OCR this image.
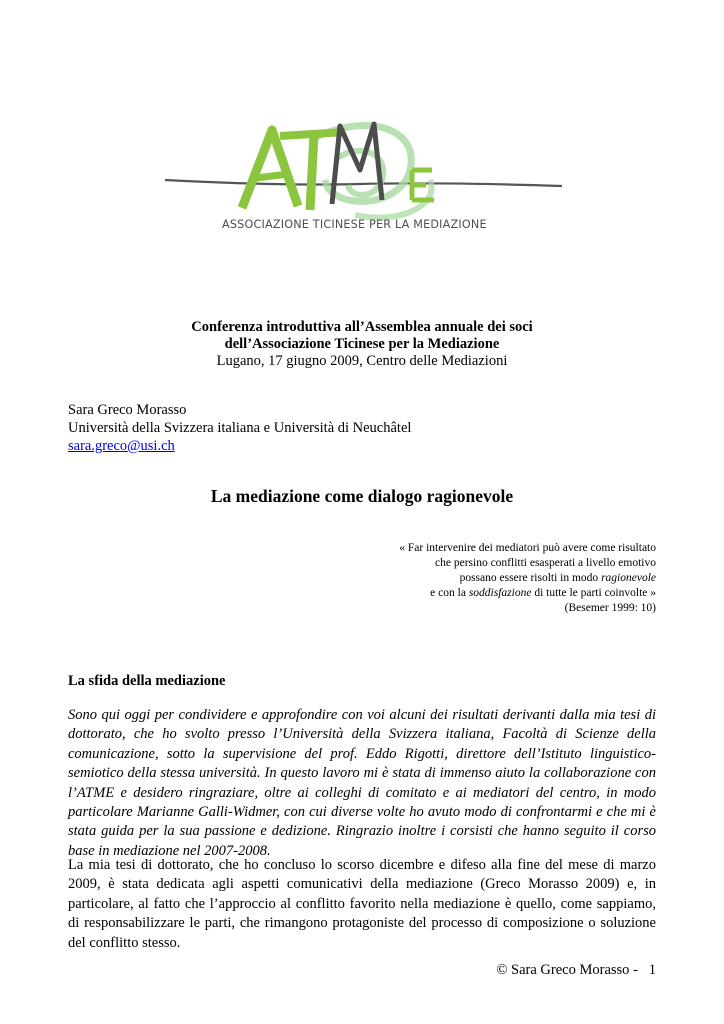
ASSOCIAZIONE TICINESE PER LA MEDIAZIONE
Conferenza introduttiva all’Assemblea annuale dei soci
dell’Associazione Ticinese per la Mediazione
Lugano, 17 giugno 2009, Centro delle Mediazioni
Sara Greco Morasso
Università della Svizzera italiana e Università di Neuchâtel
sara.greco@usi.ch
La mediazione come dialogo ragionevole
« Far intervenire dei mediatori può avere come risultato
che persino conflitti esasperati a livello emotivo
possano essere risolti in modo ragionevole
e con la soddisfazione di tutte le parti coinvolte »
(Besemer 1999: 10)
La sfida della mediazione
Sono qui oggi per condividere e approfondire con voi alcuni dei risultati derivanti dalla mia tesi di dottorato, che ho svolto presso l’Università della Svizzera italiana, Facoltà di Scienze della comunicazione, sotto la supervisione del prof. Eddo Rigotti, direttore dell’Istituto linguistico-semiotico della stessa università. In questo lavoro mi è stata di immenso aiuto la collaborazione con l’ATME e desidero ringraziare, oltre ai colleghi di comitato e ai mediatori del centro, in modo particolare Marianne Galli-Widmer, con cui diverse volte ho avuto modo di confrontarmi e che mi è stata guida per la sua passione e dedizione. Ringrazio inoltre i corsisti che hanno seguito il corso base in mediazione nel 2007-2008.
La mia tesi di dottorato, che ho concluso lo scorso dicembre e difeso alla fine del mese di marzo 2009, è stata dedicata agli aspetti comunicativi della mediazione (Greco Morasso 2009) e, in particolare, al fatto che l’approccio al conflitto favorito nella mediazione è quello, come sappiamo, di responsabilizzare le parti, che rimangono protagoniste del processo di composizione o soluzione del conflitto stesso.
© Sara Greco Morasso - 1
